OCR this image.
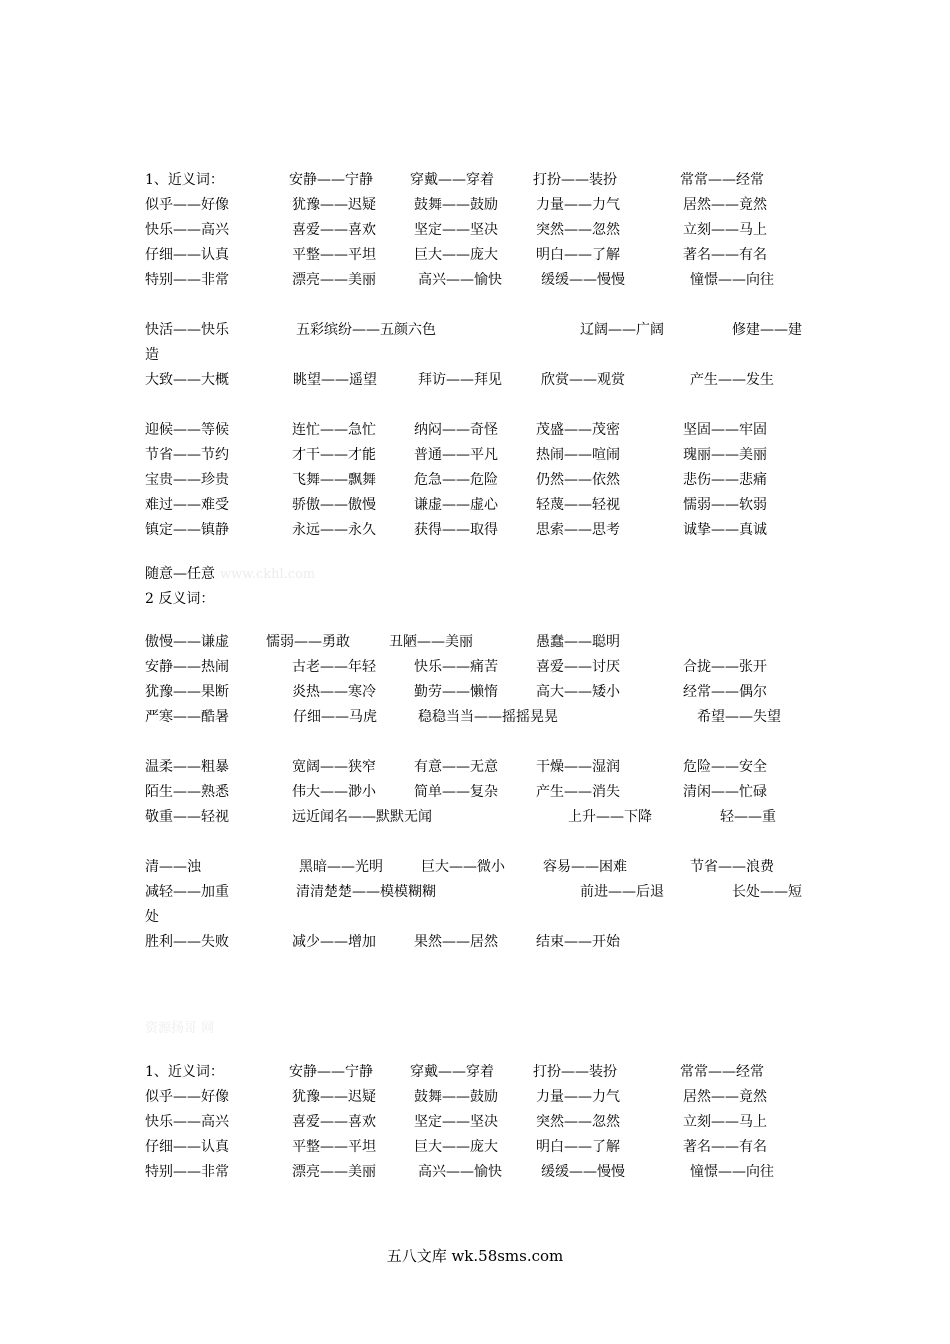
1、近义词：	安静——宁静	穿戴——穿着	打扮——装扮	常常——经常
似乎——好像	犹豫——迟疑	鼓舞——鼓励	力量——力气	居然——竟然
快乐——高兴	喜爱——喜欢	坚定——坚决	突然——忽然	立刻——马上
仔细——认真	平整——平坦	巨大——庞大	明白——了解	著名——有名
特别——非常	漂亮——美丽	高兴——愉快	缓缓——慢慢	憧憬——向往
快活——快乐	五彩缤纷——五颜六色	辽阔——广阔	修建——建
造
大致——大概	眺望——遥望	拜访——拜见	欣赏——观赏	产生——发生
迎候——等候	连忙——急忙	纳闷——奇怪	茂盛——茂密	坚固——牢固
节省——节约	才干——才能	普通——平凡	热闹——喧闹	瑰丽——美丽
宝贵——珍贵	飞舞——飘舞	危急——危险	仍然——依然	悲伤——悲痛
难过——难受	骄傲——傲慢	谦虚——虚心	轻蔑——轻视	懦弱——软弱
镇定——镇静	永远——永久	获得——取得	思索——思考	诚挚——真诚
随意—任意 www.ckhl.com
2 反义词：
傲慢——谦虚	懦弱——勇敢	丑陋——美丽	愚蠢——聪明
安静——热闹	古老——年轻	快乐——痛苦	喜爱——讨厌	合拢——张开
犹豫——果断	炎热——寒冷	勤劳——懒惰	高大——矮小	经常——偶尔
严寒——酷暑	仔细——马虎	稳稳当当——摇摇晃晃	希望——失望
温柔——粗暴	宽阔——狭窄	有意——无意	干燥——湿润	危险——安全
陌生——熟悉	伟大——渺小	简单——复杂	产生——消失	清闲——忙碌
敬重——轻视	远近闻名——默默无闻	上升——下降	轻——重
清——浊	黑暗——光明	巨大——微小	容易——困难	节省——浪费
减轻——加重	清清楚楚——模模糊糊	前进——后退	长处——短
处
胜利——失败	减少——增加	果然——居然	结束——开始
资源扬哥 网
1、近义词：	安静——宁静	穿戴——穿着	打扮——装扮	常常——经常
似乎——好像	犹豫——迟疑	鼓舞——鼓励	力量——力气	居然——竟然
快乐——高兴	喜爱——喜欢	坚定——坚决	突然——忽然	立刻——马上
仔细——认真	平整——平坦	巨大——庞大	明白——了解	著名——有名
特别——非常	漂亮——美丽	高兴——愉快	缓缓——慢慢	憧憬——向往
五八文库 wk.58sms.com
